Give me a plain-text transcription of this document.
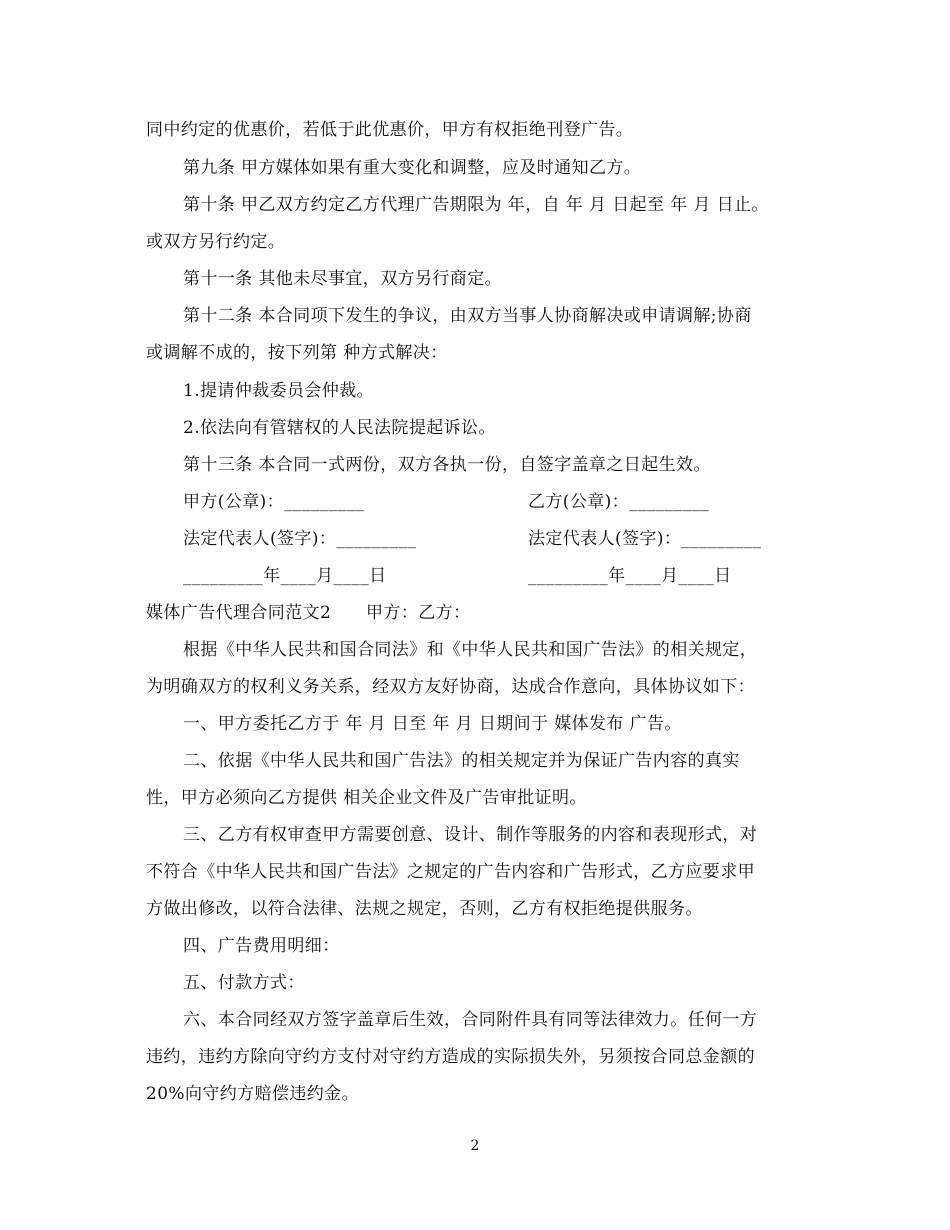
同中约定的优惠价，若低于此优惠价，甲方有权拒绝刊登广告。
第九条 甲方媒体如果有重大变化和调整，应及时通知乙方。
第十条 甲乙双方约定乙方代理广告期限为 年，自 年 月 日起至 年 月 日止。
或双方另行约定。
第十一条 其他未尽事宜，双方另行商定。
第十二条 本合同项下发生的争议，由双方当事人协商解决或申请调解;协商
或调解不成的，按下列第 种方式解决：
1.提请仲裁委员会仲裁。
2.依法向有管辖权的人民法院提起诉讼。
第十三条 本合同一式两份，双方各执一份，自签字盖章之日起生效。
甲方(公章)：_________	乙方(公章)：_________
法定代表人(签字)：_________	法定代表人(签字)：_________
_________年____月____日	_________年____月____日
媒体广告代理合同范文2　　甲方：乙方：
根据《中华人民共和国合同法》和《中华人民共和国广告法》的相关规定，
为明确双方的权利义务关系，经双方友好协商，达成合作意向，具体协议如下：
一、甲方委托乙方于 年 月 日至 年 月 日期间于 媒体发布 广告。
二、依据《中华人民共和国广告法》的相关规定并为保证广告内容的真实
性，甲方必须向乙方提供 相关企业文件及广告审批证明。
三、乙方有权审查甲方需要创意、设计、制作等服务的内容和表现形式，对
不符合《中华人民共和国广告法》之规定的广告内容和广告形式，乙方应要求甲
方做出修改，以符合法律、法规之规定，否则，乙方有权拒绝提供服务。
四、广告费用明细：
五、付款方式：
六、本合同经双方签字盖章后生效，合同附件具有同等法律效力。任何一方
违约，违约方除向守约方支付对守约方造成的实际损失外，另须按合同总金额的
20%向守约方赔偿违约金。
2
